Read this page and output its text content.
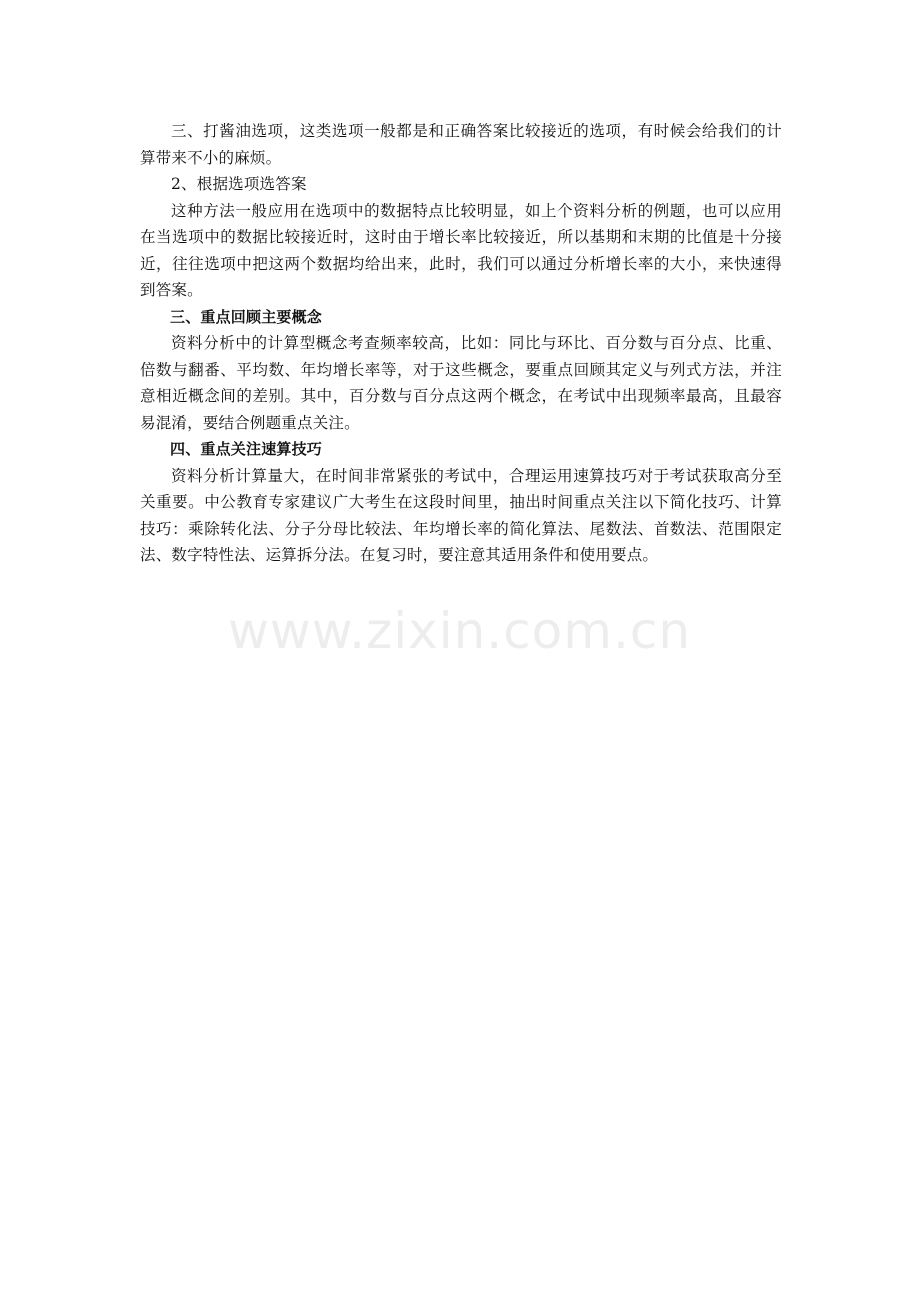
三、打酱油选项，这类选项一般都是和正确答案比较接近的选项，有时候会给我们的计算带来不小的麻烦。

2、根据选项选答案

这种方法一般应用在选项中的数据特点比较明显，如上个资料分析的例题，也可以应用在当选项中的数据比较接近时，这时由于增长率比较接近，所以基期和末期的比值是十分接近，往往选项中把这两个数据均给出来，此时，我们可以通过分析增长率的大小，来快速得到答案。

三、重点回顾主要概念

资料分析中的计算型概念考查频率较高，比如：同比与环比、百分数与百分点、比重、倍数与翻番、平均数、年均增长率等，对于这些概念，要重点回顾其定义与列式方法，并注意相近概念间的差别。其中，百分数与百分点这两个概念，在考试中出现频率最高，且最容易混淆，要结合例题重点关注。

四、重点关注速算技巧

资料分析计算量大，在时间非常紧张的考试中，合理运用速算技巧对于考试获取高分至关重要。中公教育专家建议广大考生在这段时间里，抽出时间重点关注以下简化技巧、计算技巧：乘除转化法、分子分母比较法、年均增长率的简化算法、尾数法、首数法、范围限定法、数字特性法、运算拆分法。在复习时，要注意其适用条件和使用要点。

www.zixin.com.cn
